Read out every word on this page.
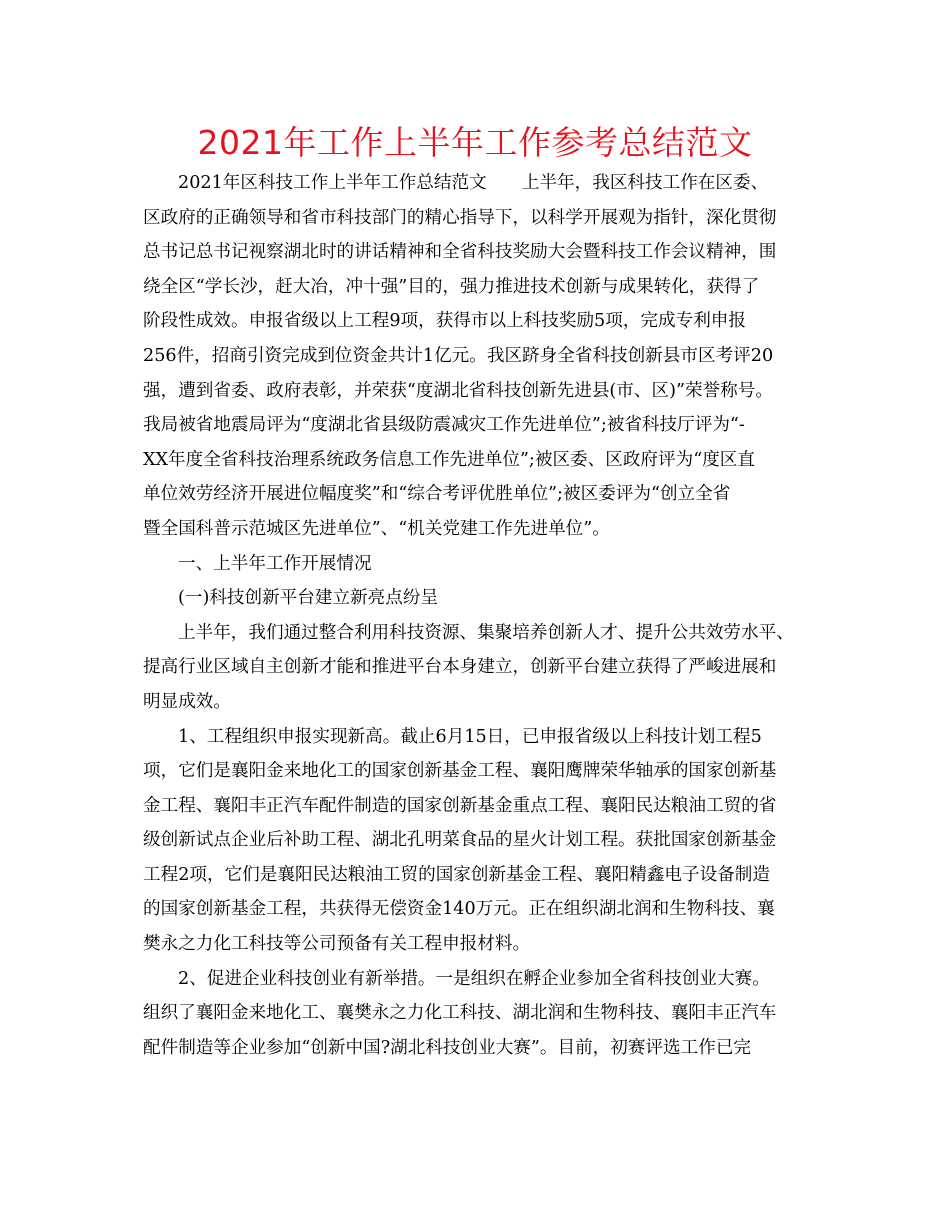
2021年工作上半年工作参考总结范文
2021年区科技工作上半年工作总结范文　　上半年，我区科技工作在区委、
区政府的正确领导和省市科技部门的精心指导下，以科学开展观为指针，深化贯彻
总书记总书记视察湖北时的讲话精神和全省科技奖励大会暨科技工作会议精神，围
绕全区“学长沙，赶大冶，冲十强”目的，强力推进技术创新与成果转化，获得了
阶段性成效。申报省级以上工程9项，获得市以上科技奖励5项，完成专利申报
256件，招商引资完成到位资金共计1亿元。我区跻身全省科技创新县市区考评20
强，遭到省委、政府表彰，并荣获“度湖北省科技创新先进县(市、区)”荣誉称号。
我局被省地震局评为“度湖北省县级防震减灾工作先进单位”;被省科技厅评为“-
XX年度全省科技治理系统政务信息工作先进单位”;被区委、区政府评为“度区直
单位效劳经济开展进位幅度奖”和“综合考评优胜单位”;被区委评为“创立全省
暨全国科普示范城区先进单位”、“机关党建工作先进单位”。
一、上半年工作开展情况
(一)科技创新平台建立新亮点纷呈
上半年，我们通过整合利用科技资源、集聚培养创新人才、提升公共效劳水平、
提高行业区域自主创新才能和推进平台本身建立，创新平台建立获得了严峻进展和
明显成效。
1、工程组织申报实现新高。截止6月15日，已申报省级以上科技计划工程5
项，它们是襄阳金来地化工的国家创新基金工程、襄阳鹰牌荣华轴承的国家创新基
金工程、襄阳丰正汽车配件制造的国家创新基金重点工程、襄阳民达粮油工贸的省
级创新试点企业后补助工程、湖北孔明菜食品的星火计划工程。获批国家创新基金
工程2项，它们是襄阳民达粮油工贸的国家创新基金工程、襄阳精鑫电子设备制造
的国家创新基金工程，共获得无偿资金140万元。正在组织湖北润和生物科技、襄
樊永之力化工科技等公司预备有关工程申报材料。
2、促进企业科技创业有新举措。一是组织在孵企业参加全省科技创业大赛。
组织了襄阳金来地化工、襄樊永之力化工科技、湖北润和生物科技、襄阳丰正汽车
配件制造等企业参加“创新中国?湖北科技创业大赛”。目前，初赛评选工作已完
